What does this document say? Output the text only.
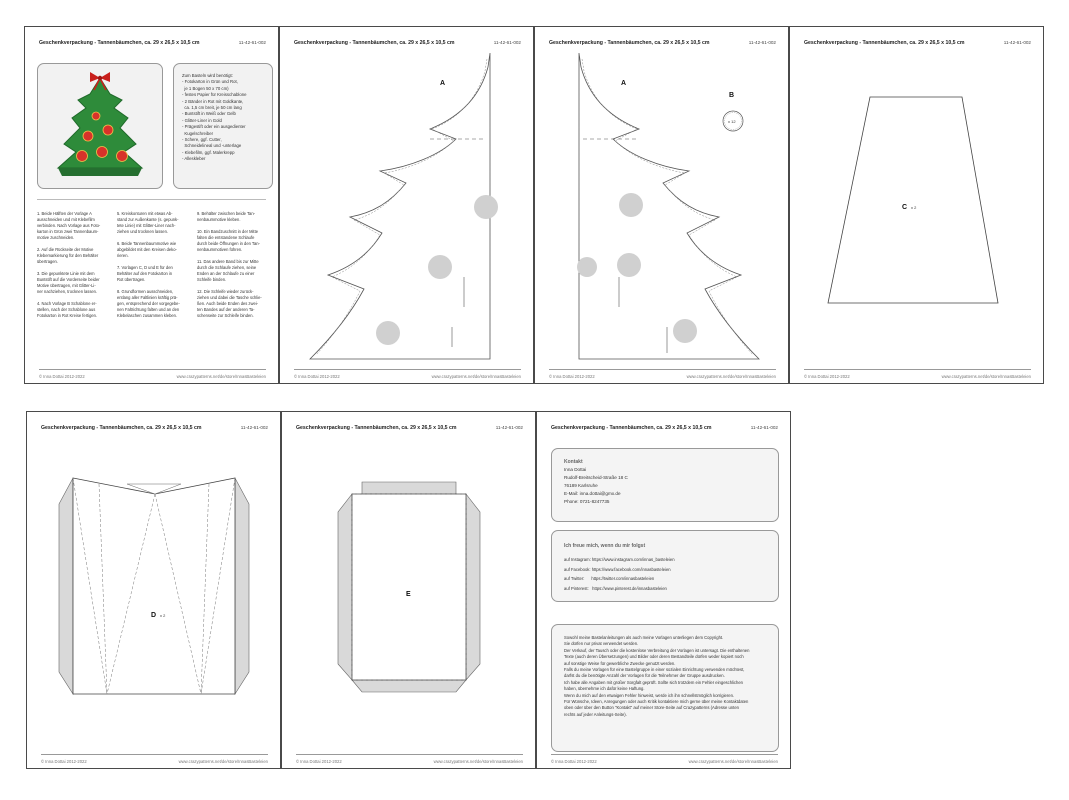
Geschenkverpackung - Tannenbäumchen, ca. 29 x 26,5 x 10,5 cm	11-42-61-002
Zum Basteln wird benötigt:
- Fotokarton in Grün und Rot,
je 1 Bogen 50 x 70 cm)
- festes Papier für Kreisschablone
- 2 Bänder in Rot mit Goldkante,
ca. 1,5 cm breit, je 50 cm lang
- Buntstift in Weiß oder Gelb
- Glitter-Liner in Gold
- Prägestift oder ein ausgedienter
Kugelschreiber
- Schere, ggf. Cutter,
Schneidelineal und -unterlage
- Klebefilm, ggf. Malerkrepp
- Alleskleber
1. Beide Hälften der Vorlage A
ausschneiden und mit Klebefilm
verbinden. Nach Vorlage aus Foto-
karton in Grün zwei Tannenbaum-
motive zuschneiden.

2. Auf die Rückseite der Motive
Klebemarkierung für den Behälter
übertragen.

3. Die gepunktete Linie mit dem
Buntstift auf die Vorderseite beider
Motive übertragen, mit Glitter-Li-
ner nachziehen, trocknen lassen.

4. Nach Vorlage B Schablone er-
stellen, nach der Schablone aus
Fotokarton in Rot Kreise fertigen.
5. Kreiskonturen mit etwas Ab-
stand zur Außenkante (s. gepunk-
tete Linie) mit Glitter-Liner nach-
ziehen und trocknen lassen.

6. Beide Tannenbaummotive wie
abgebildet mit den Kreisen deko-
rieren.

7. Vorlagen C, D und E für den
Behälter auf den Fotokarton in
Rot übertragen.

8. Grundformen ausschneiden,
entlang aller Faltlinien kräftig prä-
gen, entsprechend der vorgegebe-
nen Faltrichtung falten und an den
Klebelaschen zusammen kleben.
9. Behälter zwischen beide Tan-
nenbaummotive kleben.

10. Ein Bandzuschnitt in der Mitte
falten die entstandene Schlaufe
durch beide Öffnungen in den Tan-
nenbaummotiven führen.

11. Das andere Band bis zur Mitte
durch die Schlaufe ziehen, seine
Enden an der Schlaufe zu einer
Schleife binden.

12. Die Schleife wieder zurück-
ziehen und dabei die Tasche schlie-
ßen. Auch beide Enden des zwei-
ten Bandes auf der anderen Ta-
schenseite zur Schleife binden.
© Inna Dottai 2012-2022	www.crazypatterns.net/de/store/InnasBasteleien
Geschenkverpackung - Tannenbäumchen, ca. 29 x 26,5 x 10,5 cm	11-42-61-002
A
© Inna Dottai 2012-2022	www.crazypatterns.net/de/store/InnasBasteleien
Geschenkverpackung - Tannenbäumchen, ca. 29 x 26,5 x 10,5 cm	11-42-61-002
B
x 12
A
© Inna Dottai 2012-2022	www.crazypatterns.net/de/store/InnasBasteleien
Geschenkverpackung - Tannenbäumchen, ca. 29 x 26,5 x 10,5 cm	11-42-61-002
C x 2
© Inna Dottai 2012-2022	www.crazypatterns.net/de/store/InnasBasteleien
Geschenkverpackung - Tannenbäumchen, ca. 29 x 26,5 x 10,5 cm	11-42-61-002
D x 2
© Inna Dottai 2012-2022	www.crazypatterns.net/de/store/InnasBasteleien
Geschenkverpackung - Tannenbäumchen, ca. 29 x 26,5 x 10,5 cm	11-42-61-002
E
© Inna Dottai 2012-2022	www.crazypatterns.net/de/store/InnasBasteleien
Geschenkverpackung - Tannenbäumchen, ca. 29 x 26,5 x 10,5 cm	11-42-61-002
Kontakt
Inna Dottai
Rudolf-Breitscheid-Straße 18 C
76189 Karlsruhe
E-Mail: inna.dottai@gmx.de
Phone: 0721-8247735
Ich freue mich, wenn du mir folgst
auf Instagram: https://www.instagram.com/innas_basteleien
auf Facebook: https://www.facebook.com/innasbasteleien
auf Twitter:      https://twitter.com/innasbasteleien
auf Pinterest:   https://www.pinterest.de/innasbasteleien
Sowohl meine Bastelanleitungen als auch meine Vorlagen unterliegen dem Copyright.
Sie dürfen nur privat verwendet werden.
Der Verkauf, der Tausch oder die kostenlose Verbreitung der Vorlagen ist untersagt. Die enthaltenen
Texte (auch deren Übersetzungen) und Bilder oder deren Bestandteile dürfen weder kopiert noch
auf sonstige Weise für gewerbliche Zwecke genutzt werden.
Falls du meine Vorlagen für eine Bastelgruppe in einer sozialen Einrichtung verwenden möchtest,
darfst du die benötigte Anzahl der Vorlagen für die Teilnehmer der Gruppe ausdrucken.
Ich habe alle Angaben mit großer Sorgfalt geprüft. Sollte sich trotzdem ein Fehler eingeschlichen
haben, übernehme ich dafür keine Haftung.
Wenn du mich auf den etwaigen Fehler hinweist, werde ich ihn schnellstmöglich korrigieren.
Für Wünsche, Ideen, Anregungen oder auch Kritik kontaktiere mich gerne über meine Kontaktdaten
oben oder über den Button "Kontakt" auf meiner Store-Seite auf Crazypatterns (Adresse unten
rechts auf jeder Anleitungs-Seite).
© Inna Dottai 2012-2022	www.crazypatterns.net/de/store/InnasBasteleien
